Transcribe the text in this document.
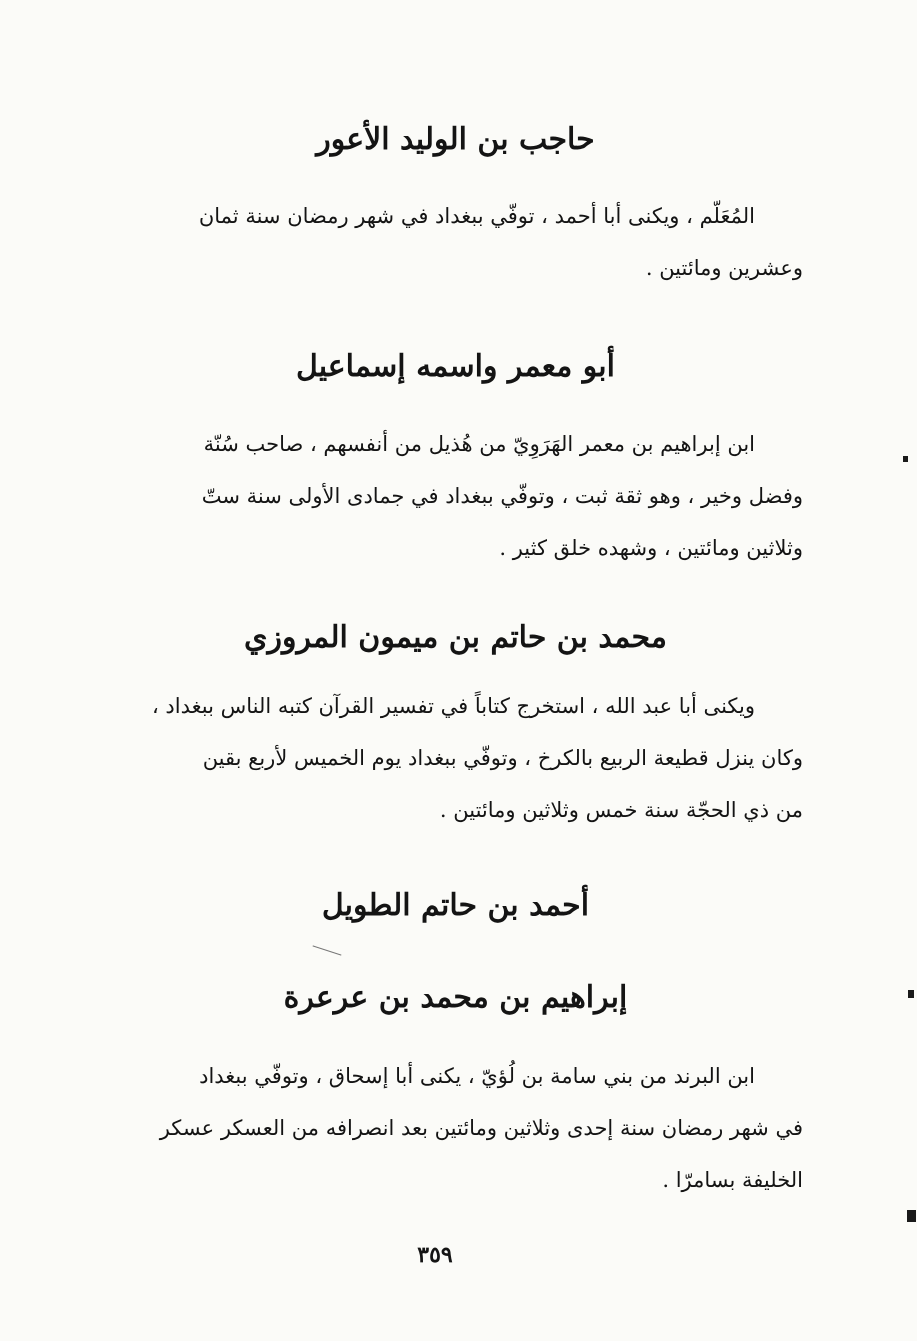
حاجب بن الوليد الأعور
المُعَلّم ، ويكنى أبا أحمد ، توفّي ببغداد في شهر رمضان سنة ثمان
وعشرين ومائتين .
أبو معمر واسمه إسماعيل
ابن إبراهيم بن معمر الهَرَوِيّ من هُذيل من أنفسهم ، صاحب سُنّة
وفضل وخير ، وهو ثقة ثبت ، وتوفّي ببغداد في جمادى الأولى سنة ستّ
وثلاثين ومائتين ، وشهده خلق كثير .
محمد بن حاتم بن ميمون المروزي
ويكنى أبا عبد الله ، استخرج كتاباً في تفسير القرآن كتبه الناس ببغداد ،
وكان ينزل قطيعة الربيع بالكرخ ، وتوفّي ببغداد يوم الخميس لأربع بقين
من ذي الحجّة سنة خمس وثلاثين ومائتين .
أحمد بن حاتم الطويل
إبراهيم بن محمد بن عرعرة
ابن البرند من بني سامة بن لُؤيّ ، يكنى أبا إسحاق ، وتوفّي ببغداد
في شهر رمضان سنة إحدى وثلاثين ومائتين بعد انصرافه من العسكر عسكر
الخليفة بسامرّا .
٣٥٩
